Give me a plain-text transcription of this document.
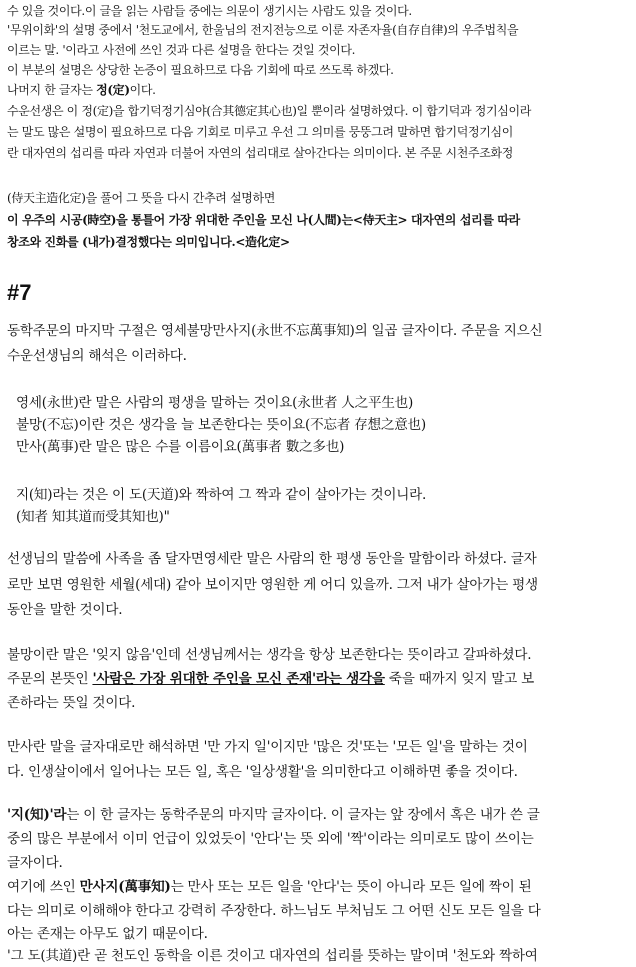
수 있을 것이다.이 글을 읽는 사람들 중에는 의문이 생기시는 사람도 있을 것이다.
'무위이화'의 설명 중에서 '천도교에서, 한울님의 전지전능으로 이룬 자존자율(自存自律)의 우주법칙을
이르는 말. '이라고 사전에 쓰인 것과 다른 설명을 한다는 것일 것이다.
이 부분의 설명은 상당한 논증이 필요하므로 다음 기회에 따로 쓰도록 하겠다.
나머지 한 글자는 정(定)이다.
수운선생은 이 정(定)을 합기덕정기심야(合其德定其心也)일 뿐이라 설명하였다. 이 합기덕과 정기심이라
는 말도 많은 설명이 필요하므로 다음 기회로 미루고 우선 그 의미를 뭉뚱그려 말하면 합기덕정기심이
란 대자연의 섭리를 따라 자연과 더불어 자연의 섭리대로 살아간다는 의미이다. 본 주문 시천주조화정
(侍天主造化定)을 풀어 그 뜻을 다시 간추려 설명하면
이 우주의 시공(時空)을 통틀어 가장 위대한 주인을 모신 나(人間)는<侍天主> 대자연의 섭리를 따라
창조와 진화를 (내가)결정했다는 의미입니다.<造化定>
#7
동학주문의 마지막 구절은 영세불망만사지(永世不忘萬事知)의 일곱 글자이다. 주문을 지으신
수운선생님의 해석은 이러하다.
영세(永世)란 말은 사람의 평생을 말하는 것이요(永世者 人之平生也)
불망(不忘)이란 것은 생각을 늘 보존한다는 뜻이요(不忘者 存想之意也)
만사(萬事)란 말은 많은 수를 이름이요(萬事者 數之多也)
지(知)라는 것은 이 도(天道)와 짝하여 그 짝과 같이 살아가는 것이니라.
(知者 知其道而受其知也)"
선생님의 말씀에 사족을 좀 달자면영세란 말은 사람의 한 평생 동안을 말함이라 하셨다. 글자
로만 보면 영원한 세월(세대) 같아 보이지만 영원한 게 어디 있을까. 그저 내가 살아가는 평생
동안을 말한 것이다.
불망이란 말은 '잊지 않음'인데 선생님께서는 생각을 항상 보존한다는 뜻이라고 갈파하셨다.
주문의 본뜻인 '사람은 가장 위대한 주인을 모신 존재'라는 생각을 죽을 때까지 잊지 말고 보
존하라는 뜻일 것이다.
만사란 말을 글자대로만 해석하면 '만 가지 일'이지만 '많은 것'또는 '모든 일'을 말하는 것이
다. 인생살이에서 일어나는 모든 일, 혹은 '일상생활'을 의미한다고 이해하면 좋을 것이다.
'지(知)'라는 이 한 글자는 동학주문의 마지막 글자이다. 이 글자는 앞 장에서 혹은 내가 쓴 글
중의 많은 부분에서 이미 언급이 있었듯이 '안다'는 뜻 외에 '짝'이라는 의미로도 많이 쓰이는
글자이다.
여기에 쓰인 만사지(萬事知)는 만사 또는 모든 일을 '안다'는 뜻이 아니라 모든 일에 짝이 된
다는 의미로 이해해야 한다고 강력히 주장한다. 하느님도 부처님도 그 어떤 신도 모든 일을 다
아는 존재는 아무도 없기 때문이다.
'그 도(其道)란 곧 천도인 동학을 이른 것이고 대자연의 섭리를 뜻하는 말이며 '천도와 짝하여
